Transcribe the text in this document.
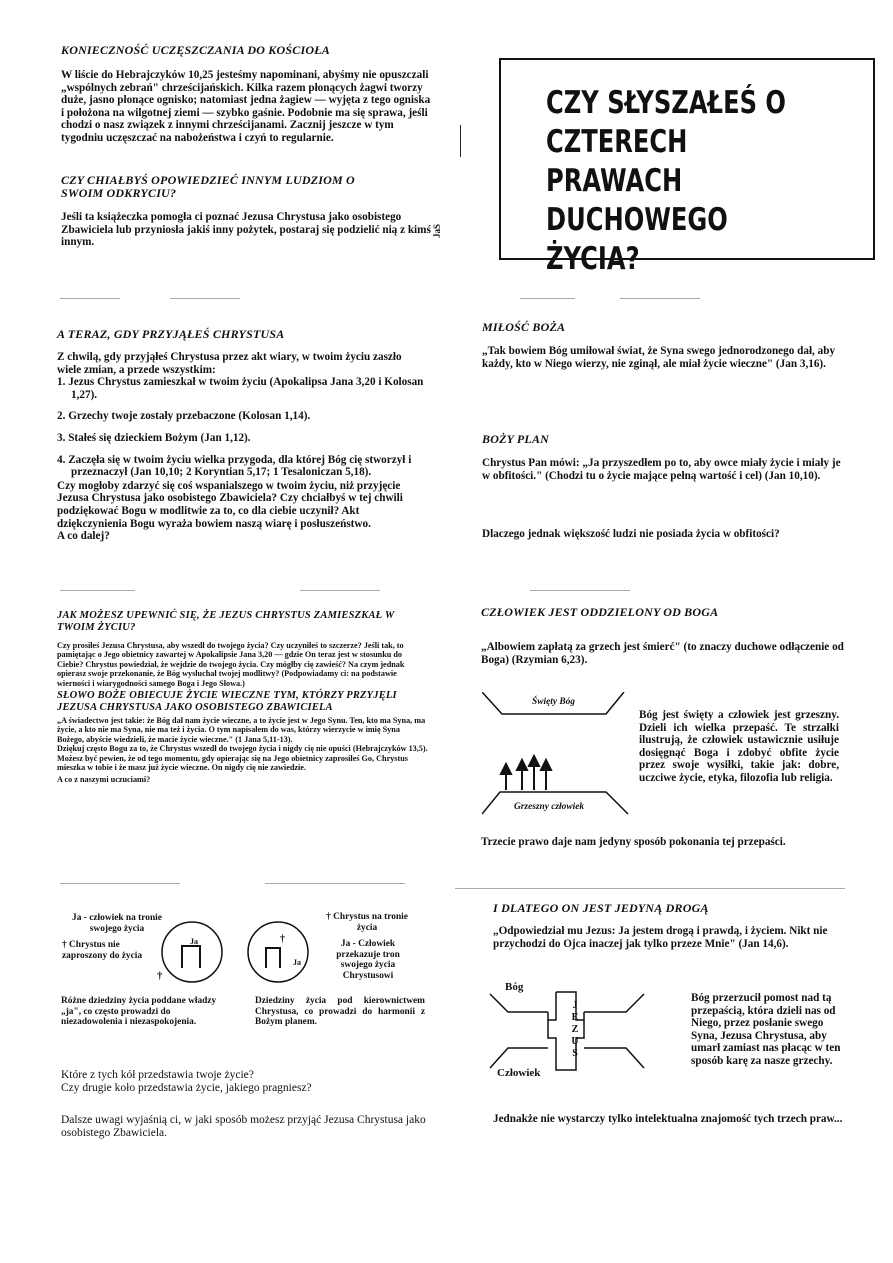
KONIECZNOŚĆ UCZĘSZCZANIA DO KOŚCIOŁA

W liście do Hebrajczyków 10,25 jesteśmy napominani, abyśmy nie opuszczali „wspólnych zebrań" chrześcijańskich. Kilka razem płonących żagwi tworzy duże, jasno płonące ognisko; natomiast jedna żagiew — wyjęta z tego ogniska i położona na wilgotnej ziemi — szybko gaśnie. Podobnie ma się sprawa, jeśli chodzi o nasz związek z innymi chrześcijanami. Zacznij jeszcze w tym tygodniu uczęszczać na nabożeństwa i czyń to regularnie.

CZY CHIAŁBYŚ OPOWIEDZIEĆ INNYM LUDZIOM O SWOIM ODKRYCIU?

Jeśli ta książeczka pomogła ci poznać Jezusa Chrystusa jako osobistego Zbawiciela lub przyniosła jakiś inny pożytek, postaraj się podzielić nią z kimś innym.

JaS
CZY SŁYSZAŁEŚ O
CZTERECH PRAWACH
DUCHOWEGO ŻYCIA?
A TERAZ, GDY PRZYJĄŁEŚ CHRYSTUSA

Z chwilą, gdy przyjąłeś Chrystusa przez akt wiary, w twoim życiu zaszło wiele zmian, a przede wszystkim:

1. Jezus Chrystus zamieszkał w twoim życiu (Apokalipsa Jana 3,20 i Kolosan 1,27).
2. Grzechy twoje zostały przebaczone (Kolosan 1,14).
3. Stałeś się dzieckiem Bożym (Jan 1,12).
4. Zaczęła się w twoim życiu wielka przygoda, dla której Bóg cię stworzył i przeznaczył (Jan 10,10; 2 Koryntian 5,17; 1 Tesaloniczan 5,18).

Czy mogłoby zdarzyć się coś wspanialszego w twoim życiu, niż przyjęcie Jezusa Chrystusa jako osobistego Zbawiciela? Czy chciałbyś w tej chwili podziękować Bogu w modlitwie za to, co dla ciebie uczynił? Akt dziękczynienia Bogu wyraża bowiem naszą wiarę i posłuszeństwo.

A co dalej?

MIŁOŚĆ BOŻA

„Tak bowiem Bóg umiłował świat, że Syna swego jednorodzonego dał, aby każdy, kto w Niego wierzy, nie zginął, ale miał życie wieczne" (Jan 3,16).

BOŻY PLAN

Chrystus Pan mówi: „Ja przyszedłem po to, aby owce miały życie i miały je w obfitości." (Chodzi tu o życie mające pełną wartość i cel) (Jan 10,10).

Dlaczego jednak większość ludzi nie posiada życia w obfitości?

JAK MOŻESZ UPEWNIĆ SIĘ, ŻE JEZUS CHRYSTUS ZAMIESZKAŁ W TWOIM ŻYCIU?

Czy prosiłeś Jezusa Chrystusa, aby wszedł do twojego życia? Czy uczyniłeś to szczerze? Jeśli tak, to pamiętając o Jego obietnicy zawartej w Apokalipsie Jana 3,20 — gdzie On teraz jest w stosunku do Ciebie? Chrystus powiedział, że wejdzie do twojego życia. Czy mógłby cię zawieść? Na czym jednak opierasz swoje przekonanie, że Bóg wysłuchał twojej modlitwy? (Podpowiadamy ci: na podstawie wierności i wiarygodności samego Boga i Jego Słowa.)

SŁOWO BOŻE OBIECUJE ŻYCIE WIECZNE TYM, KTÓRZY PRZYJĘLI JEZUSA CHRYSTUSA JAKO OSOBISTEGO ZBAWICIELA

„A świadectwo jest takie: że Bóg dał nam życie wieczne, a to życie jest w Jego Synu. Ten, kto ma Syna, ma życie, a kto nie ma Syna, nie ma też i życia. O tym napisałem do was, którzy wierzycie w imię Syna Bożego, abyście wiedzieli, że macie życie wieczne." (1 Jana 5,11-13).

Dziękuj często Bogu za to, że Chrystus wszedł do twojego życia i nigdy cię nie opuści (Hebrajczyków 13,5). Możesz być pewien, że od tego momentu, gdy opierając się na Jego obietnicy zaprosiłeś Go, Chrystus mieszka w tobie i że masz już życie wieczne. On nigdy cię nie zawiedzie.

A co z naszymi uczuciami?

CZŁOWIEK JEST ODDZIELONY OD BOGA

„Albowiem zapłatą za grzech jest śmierć" (to znaczy duchowe odłączenie od Boga) (Rzymian 6,23).

Święty Bóg
Grzeszny człowiek

Bóg jest święty a człowiek jest grzeszny. Dzieli ich wielka przepaść. Te strzałki ilustrują, że człowiek ustawicznie usiłuje dosięgnąć Boga i zdobyć obfite życie przez swoje wysiłki, takie jak: dobre, uczciwe życie, etyka, filozofia lub religia.

Trzecie prawo daje nam jedyny sposób pokonania tej przepaści.

Ja - człowiek na tronie swojego życia
† Chrystus nie zaproszony do życia
Ja
†
†
Ja
† Chrystus na tronie życia
Ja - Człowiek przekazuje tron swojego życia Chrystusowi

Różne dziedziny życia poddane władzy „ja", co często prowadzi do niezadowolenia i niezaspokojenia.

Dziedziny życia pod kierownictwem Chrystusa, co prowadzi do harmonii z Bożym planem.

Które z tych kół przedstawia twoje życie?

Czy drugie koło przedstawia życie, jakiego pragniesz?

Dalsze uwagi wyjaśnią ci, w jaki sposób możesz przyjąć Jezusa Chrystusa jako osobistego Zbawiciela.

I DLATEGO ON JEST JEDYNĄ DROGĄ

„Odpowiedział mu Jezus: Ja jestem drogą i prawdą, i życiem. Nikt nie przychodzi do Ojca inaczej jak tylko przeze Mnie" (Jan 14,6).

Bóg
Człowiek
J
E
Z
U
S

Bóg przerzucił pomost nad tą przepaścią, która dzieli nas od Niego, przez posłanie swego Syna, Jezusa Chrystusa, aby umarł zamiast nas płacąc w ten sposób karę za nasze grzechy.

Jednakże nie wystarczy tylko intelektualna znajomość tych trzech praw...
